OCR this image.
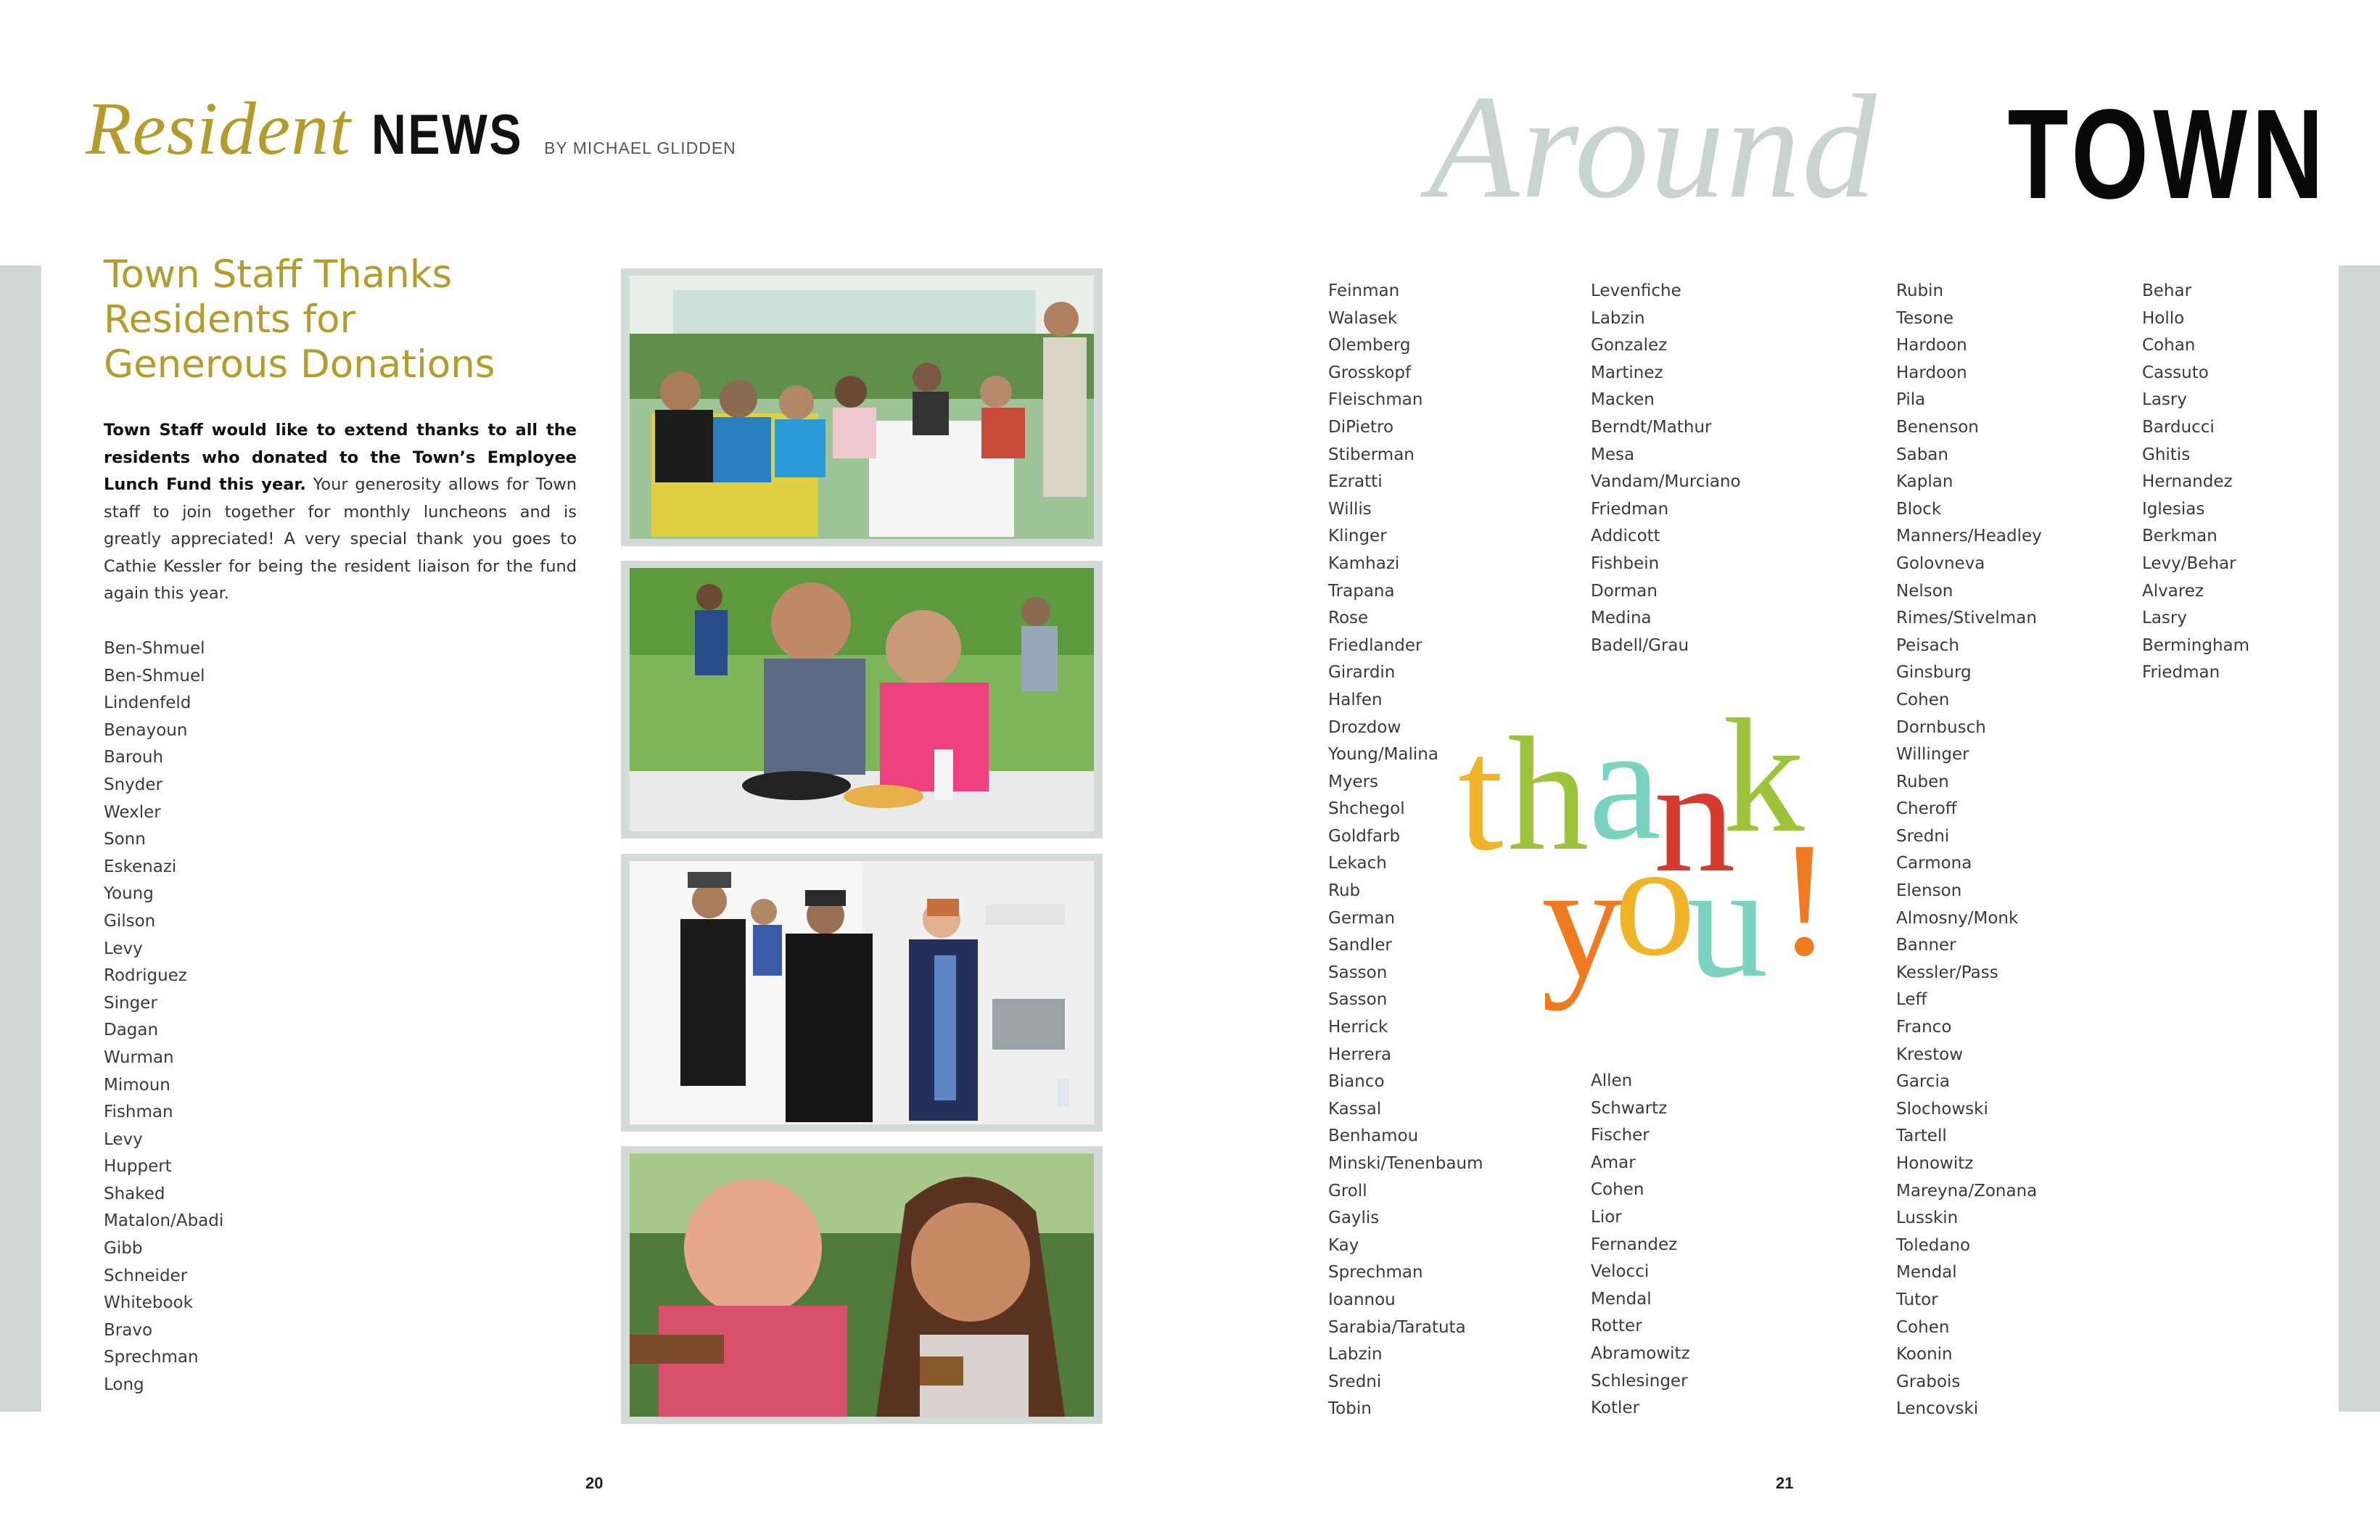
Resident NEWS BY MICHAEL GLIDDEN	Around TOWN
Town Staff Thanks
Residents for
Generous Donations

Town Staff would like to extend thanks to all the residents who donated to the Town’s Employee Lunch Fund this year. Your generosity allows for Town staff to join together for monthly luncheons and is greatly appreciated! A very special thank you goes to Cathie Kessler for being the resident liaison for the fund again this year.

Ben-Shmuel
Ben-Shmuel
Lindenfeld
Benayoun
Barouh
Snyder
Wexler
Sonn
Eskenazi
Young
Gilson
Levy
Rodriguez
Singer
Dagan
Wurman
Mimoun
Fishman
Levy
Huppert
Shaked
Matalon/Abadi
Gibb
Schneider
Whitebook
Bravo
Sprechman
Long
Feinman
Walasek
Olemberg
Grosskopf
Fleischman
DiPietro
Stiberman
Ezratti
Willis
Klinger
Kamhazi
Trapana
Rose
Friedlander
Girardin
Halfen
Drozdow
Young/Malina
Myers
Shchegol
Goldfarb
Lekach
Rub
German
Sandler
Sasson
Sasson
Herrick
Herrera
Bianco
Kassal
Benhamou
Minski/Tenenbaum
Groll
Gaylis
Kay
Sprechman
Ioannou
Sarabia/Taratuta
Labzin
Sredni
Tobin
Levenfiche
Labzin
Gonzalez
Martinez
Macken
Berndt/Mathur
Mesa
Vandam/Murciano
Friedman
Addicott
Fishbein
Dorman
Medina
Badell/Grau
Allen
Schwartz
Fischer
Amar
Cohen
Lior
Fernandez
Velocci
Mendal
Rotter
Abramowitz
Schlesinger
Kotler
Rubin
Tesone
Hardoon
Hardoon
Pila
Benenson
Saban
Kaplan
Block
Manners/Headley
Golovneva
Nelson
Rimes/Stivelman
Peisach
Ginsburg
Cohen
Dornbusch
Willinger
Ruben
Cheroff
Sredni
Carmona
Elenson
Almosny/Monk
Banner
Kessler/Pass
Leff
Franco
Krestow
Garcia
Slochowski
Tartell
Honowitz
Mareyna/Zonana
Lusskin
Toledano
Mendal
Tutor
Cohen
Koonin
Grabois
Lencovski
Behar
Hollo
Cohan
Cassuto
Lasry
Barducci
Ghitis
Hernandez
Iglesias
Berkman
Levy/Behar
Alvarez
Lasry
Bermingham
Friedman
t h a
n
k
y
o
u !
20	21
